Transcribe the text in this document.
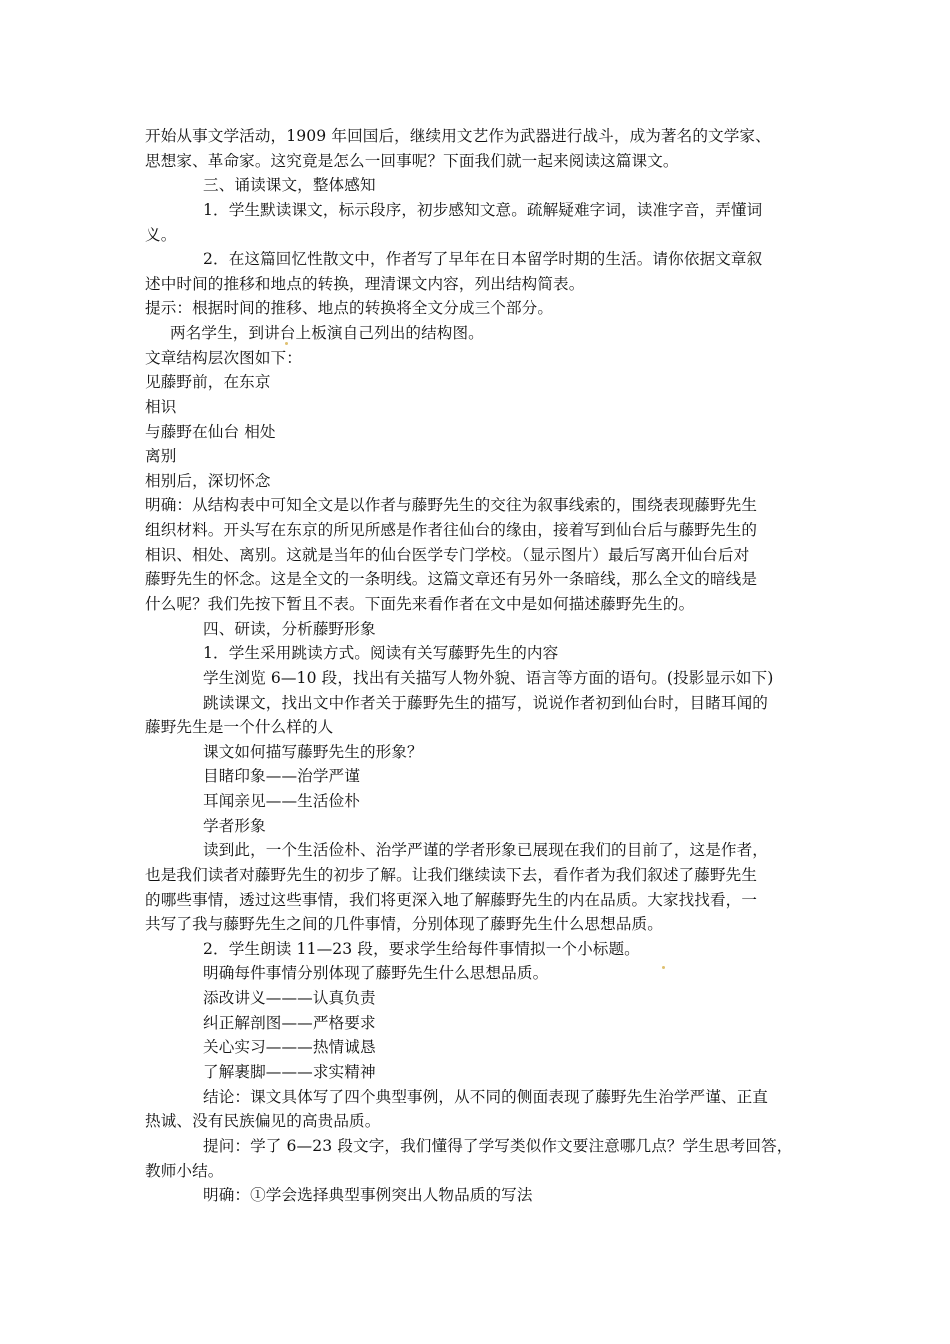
开始从事文学活动，1909 年回国后，继续用文艺作为武器进行战斗，成为著名的文学家、
思想家、革命家。这究竟是怎么一回事呢？下面我们就一起来阅读这篇课文。
三、诵读课文，整体感知
1．学生默读课文，标示段序，初步感知文意。疏解疑难字词，读准字音，弄懂词
义。
2．在这篇回忆性散文中，作者写了早年在日本留学时期的生活。请你依据文章叙
述中时间的推移和地点的转换，理清课文内容，列出结构简表。
提示：根据时间的推移、地点的转换将全文分成三个部分。
两名学生，到讲台上板演自己列出的结构图。
文章结构层次图如下：
见藤野前，在东京
相识
与藤野在仙台 相处
离别
相别后，深切怀念
明确：从结构表中可知全文是以作者与藤野先生的交往为叙事线索的，围绕表现藤野先生
组织材料。开头写在东京的所见所感是作者往仙台的缘由，接着写到仙台后与藤野先生的
相识、相处、离别。这就是当年的仙台医学专门学校。（显示图片）最后写离开仙台后对
藤野先生的怀念。这是全文的一条明线。这篇文章还有另外一条暗线，那么全文的暗线是
什么呢？我们先按下暂且不表。下面先来看作者在文中是如何描述藤野先生的。
四、研读，分析藤野形象
1．学生采用跳读方式。阅读有关写藤野先生的内容
学生浏览 6—10 段，找出有关描写人物外貌、语言等方面的语句。(投影显示如下)
跳读课文，找出文中作者关于藤野先生的描写，说说作者初到仙台时，目睹耳闻的
藤野先生是一个什么样的人
课文如何描写藤野先生的形象？
目睹印象——治学严谨
耳闻亲见——生活俭朴
学者形象
读到此，一个生活俭朴、治学严谨的学者形象已展现在我们的目前了，这是作者，
也是我们读者对藤野先生的初步了解。让我们继续读下去，看作者为我们叙述了藤野先生
的哪些事情，透过这些事情，我们将更深入地了解藤野先生的内在品质。大家找找看，一
共写了我与藤野先生之间的几件事情，分别体现了藤野先生什么思想品质。
2．学生朗读 11—23 段，要求学生给每件事情拟一个小标题。
明确每件事情分别体现了藤野先生什么思想品质。
添改讲义———认真负责
纠正解剖图——严格要求
关心实习———热情诚恳
了解裹脚———求实精神
结论：课文具体写了四个典型事例，从不同的侧面表现了藤野先生治学严谨、正直
热诚、没有民族偏见的高贵品质。
提问：学了 6—23 段文字，我们懂得了学写类似作文要注意哪几点？学生思考回答，
教师小结。
明确：①学会选择典型事例突出人物品质的写法
